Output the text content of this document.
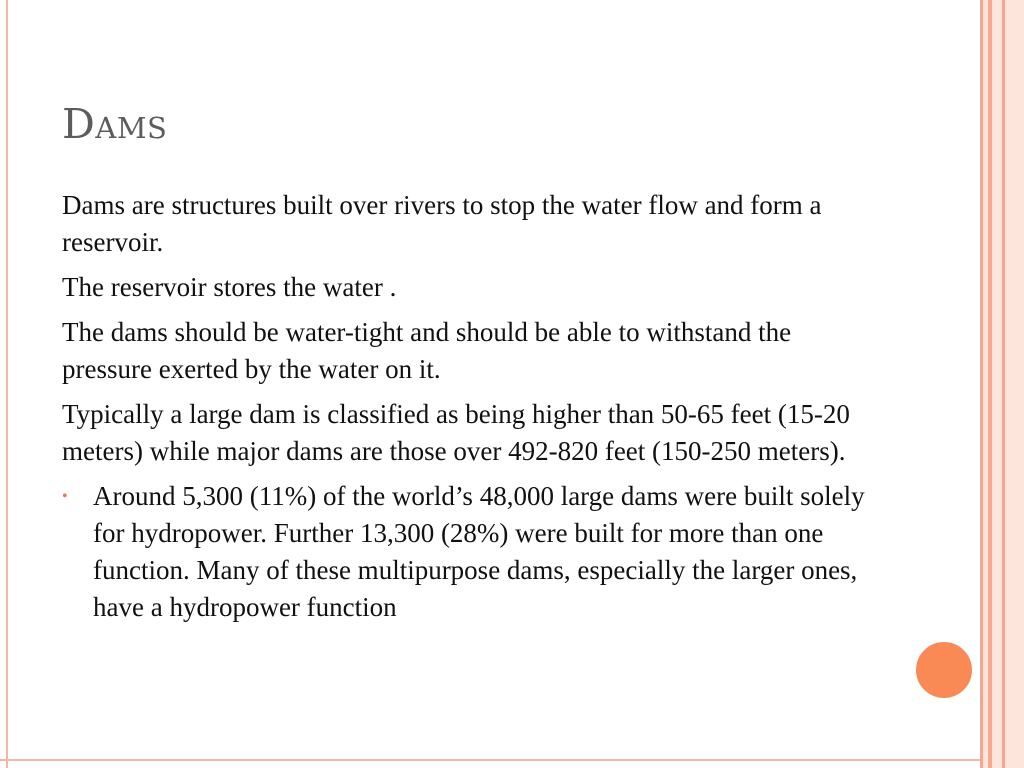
Dams

Dams are structures built over rivers to stop the water flow and form a reservoir.

The reservoir stores the water .

The dams should be water-tight and should be able to withstand the pressure exerted by the water on it.

Typically a large dam is classified as being higher than 50-65 feet (15-20 meters) while major dams are those over 492-820 feet (150-250 meters).

• Around 5,300 (11%) of the world’s 48,000 large dams were built solely for hydropower. Further 13,300 (28%) were built for more than one function. Many of these multipurpose dams, especially the larger ones, have a hydropower function
